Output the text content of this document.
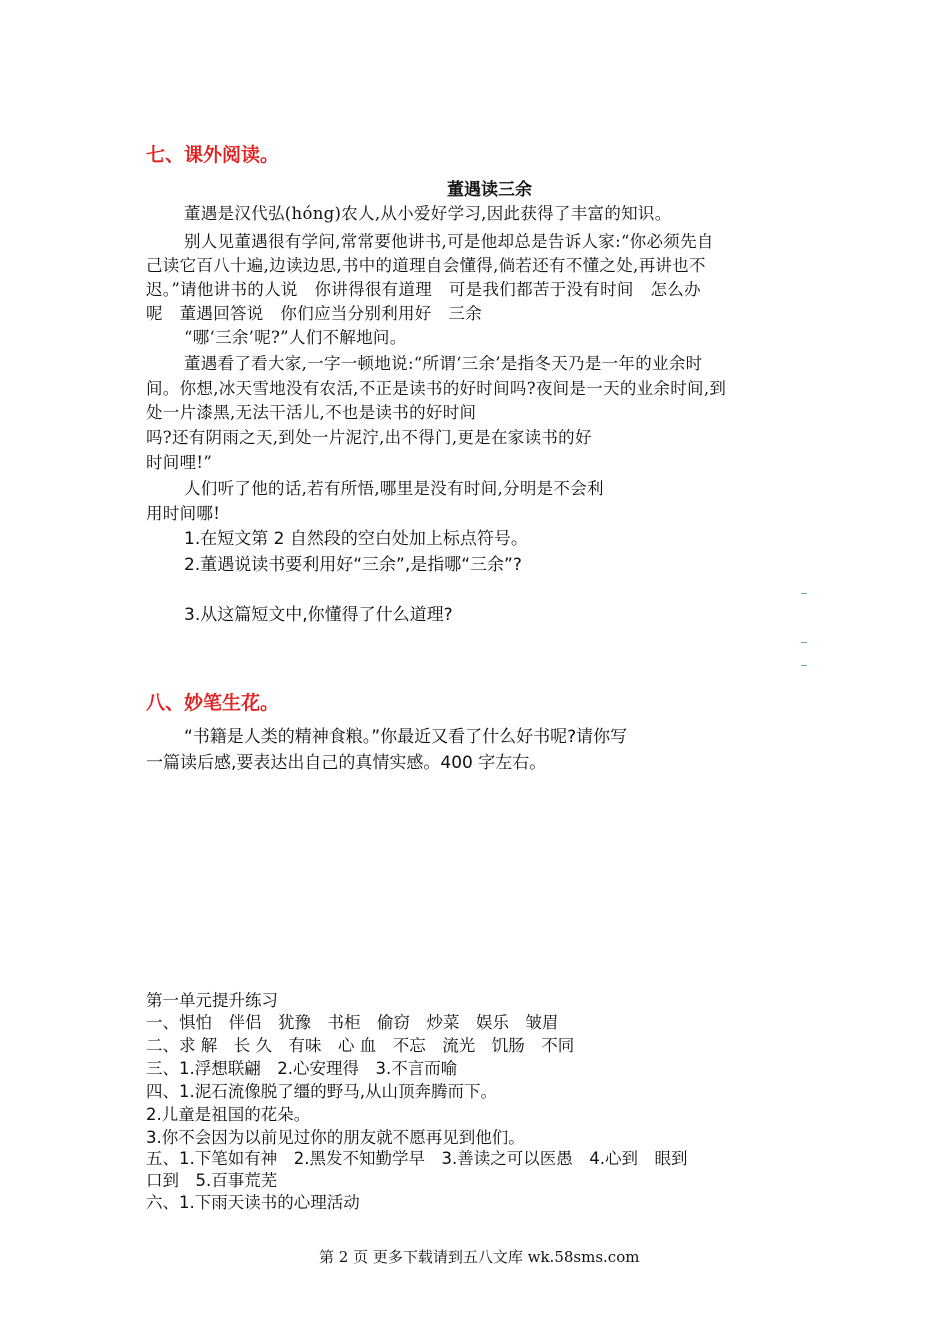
七、课外阅读。
董遇读三余
董遇是汉代弘(hóng)农人,从小爱好学习,因此获得了丰富的知识。
别人见董遇很有学问,常常要他讲书,可是他却总是告诉人家:“你必须先自
己读它百八十遍,边读边思,书中的道理自会懂得,倘若还有不懂之处,再讲也不
迟。”请他讲书的人说　你讲得很有道理　可是我们都苦于没有时间　怎么办
呢　董遇回答说　你们应当分别利用好　三余
“哪‘三余’呢?”人们不解地问。
董遇看了看大家,一字一顿地说:“所谓‘三余’是指冬天乃是一年的业余时
间。你想,冰天雪地没有农活,不正是读书的好时间吗?夜间是一天的业余时间,到
处一片漆黑,无法干活儿,不也是读书的好时间
吗?还有阴雨之天,到处一片泥泞,出不得门,更是在家读书的好
时间哩!”
人们听了他的话,若有所悟,哪里是没有时间,分明是不会利
用时间哪!
1.在短文第 2 自然段的空白处加上标点符号。
2.董遇说读书要利用好“三余”,是指哪“三余”?
3.从这篇短文中,你懂得了什么道理?
八、妙笔生花。
“书籍是人类的精神食粮。”你最近又看了什么好书呢?请你写
一篇读后感,要表达出自己的真情实感。400 字左右。
第一单元提升练习
一、惧怕　伴侣　犹豫　书柜　偷窃　炒菜　娱乐　皱眉
二、求 解　长 久　有味　心 血　不忘　流光　饥肠　不同
三、1.浮想联翩　2.心安理得　3.不言而喻
四、1.泥石流像脱了缰的野马,从山顶奔腾而下。
2.儿童是祖国的花朵。
3.你不会因为以前见过你的朋友就不愿再见到他们。
五、1.下笔如有神　2.黑发不知勤学早　3.善读之可以医愚　4.心到　眼到
口到　5.百事荒芜
六、1.下雨天读书的心理活动
第 2 页 更多下载请到五八文库 wk.58sms.com
